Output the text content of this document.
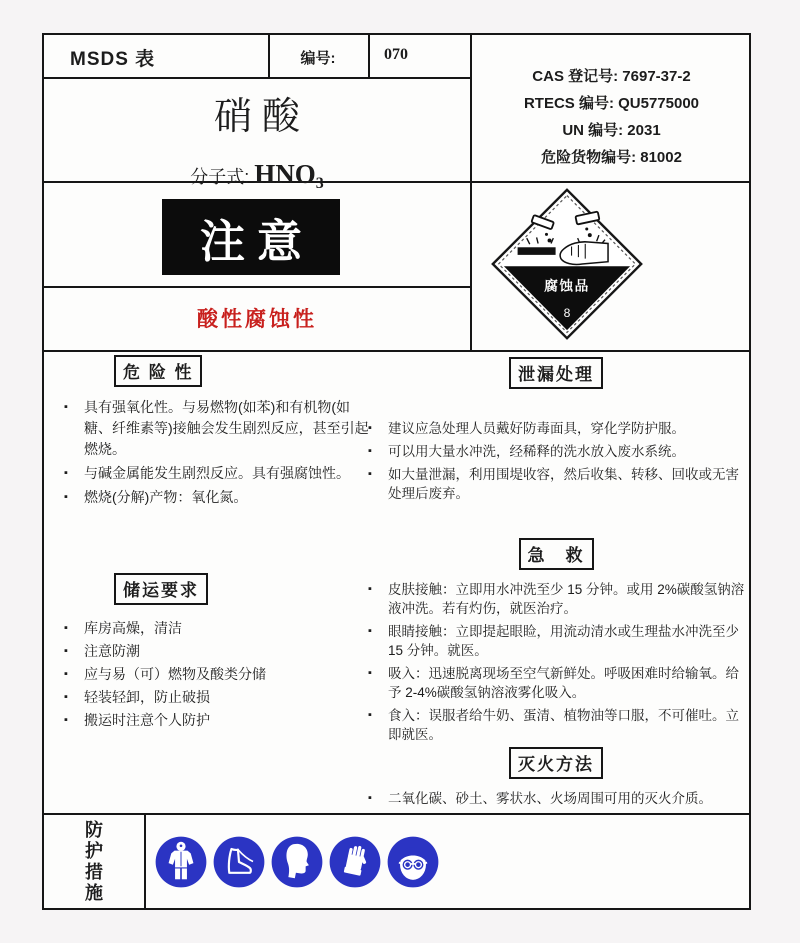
MSDS 表	编号:	070
硝酸
分子式: HNO3
CAS 登记号: 7697-37-2
RTECS 编号: QU5775000
UN 编号: 2031
危险货物编号: 81002
注意
酸性腐蚀性
腐蚀品
8
危 险 性
▪ 具有强氧化性。与易燃物(如苯)和有机物(如糖、纤维素等)接触会发生剧烈反应，甚至引起燃烧。
▪ 与碱金属能发生剧烈反应。具有强腐蚀性。
▪ 燃烧(分解)产物：氧化氮。
储运要求
▪ 库房高燥，清洁
▪ 注意防潮
▪ 应与易（可）燃物及酸类分储
▪ 轻装轻卸，防止破损
▪ 搬运时注意个人防护
泄漏处理
▪ 建议应急处理人员戴好防毒面具，穿化学防护服。
▪ 可以用大量水冲洗，经稀释的洗水放入废水系统。
▪ 如大量泄漏，利用围堤收容，然后收集、转移、回收或无害处理后废弃。
急　救
▪ 皮肤接触：立即用水冲洗至少 15 分钟。或用 2%碳酸氢钠溶液冲洗。若有灼伤，就医治疗。
▪ 眼睛接触：立即提起眼睑，用流动清水或生理盐水冲洗至少 15 分钟。就医。
▪ 吸入：迅速脱离现场至空气新鲜处。呼吸困难时给输氧。给予 2-4%碳酸氢钠溶液雾化吸入。
▪ 食入：误服者给牛奶、蛋清、植物油等口服，不可催吐。立即就医。
灭火方法
▪ 二氧化碳、砂土、雾状水、火场周围可用的灭火介质。
防
护
措
施
